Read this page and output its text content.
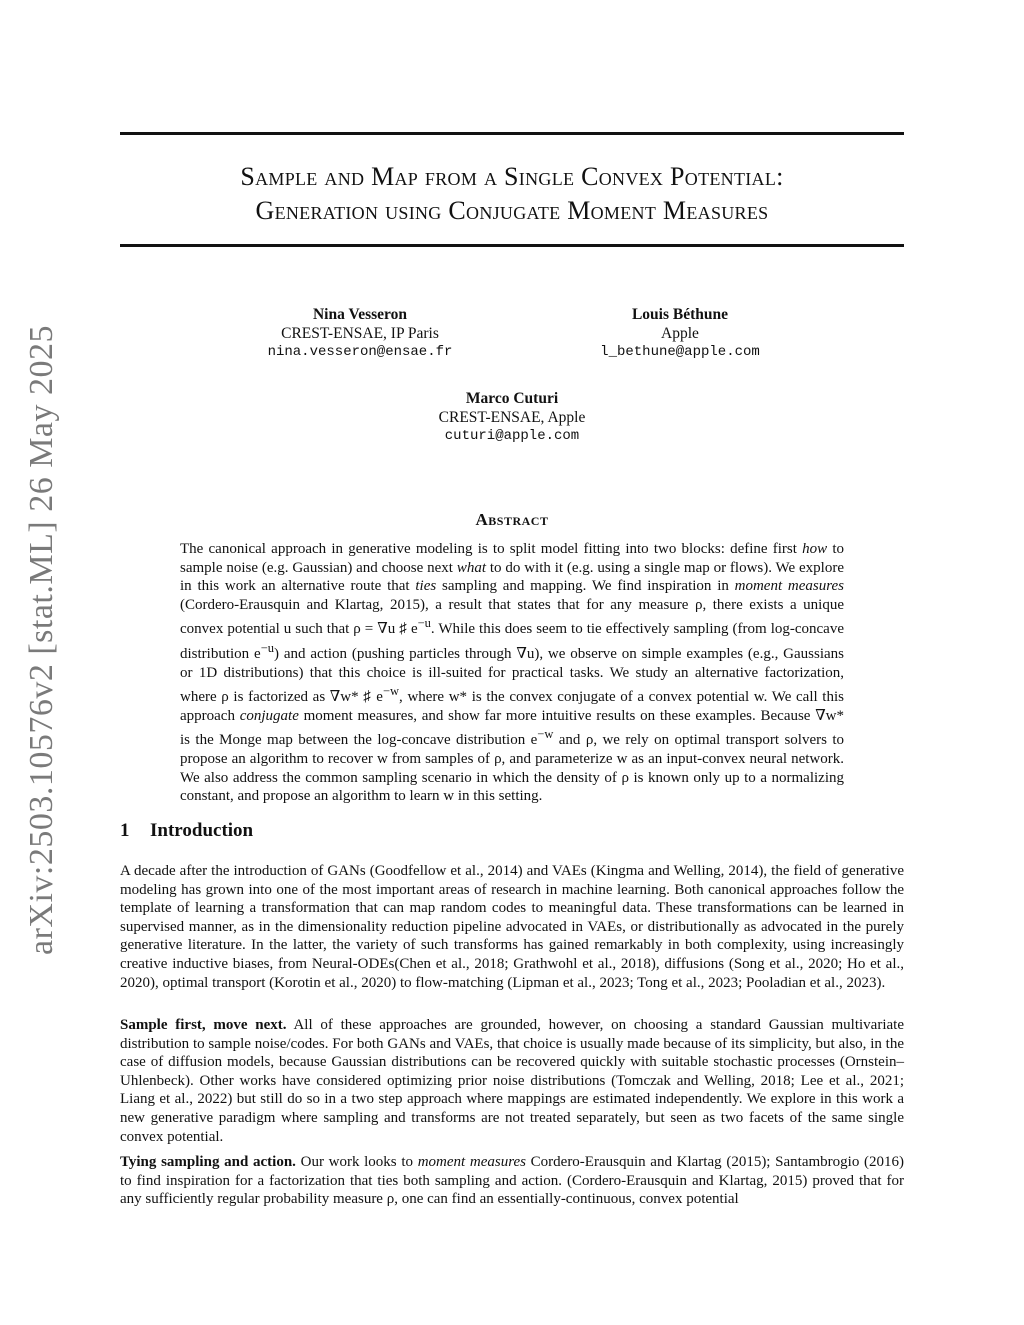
arXiv:2503.10576v2 [stat.ML] 26 May 2025
Sample and Map from a Single Convex Potential:
Generation using Conjugate Moment Measures
Nina Vesseron
CREST-ENSAE, IP Paris
nina.vesseron@ensae.fr
Louis Béthune
Apple
l_bethune@apple.com
Marco Cuturi
CREST-ENSAE, Apple
cuturi@apple.com
Abstract
The canonical approach in generative modeling is to split model fitting into two blocks: define first how to sample noise (e.g. Gaussian) and choose next what to do with it (e.g. using a single map or flows). We explore in this work an alternative route that ties sampling and mapping. We find inspiration in moment measures (Cordero-Erausquin and Klartag, 2015), a result that states that for any measure ρ, there exists a unique convex potential u such that ρ = ∇u ♯ $e^{-u}$. While this does seem to tie effectively sampling (from log-concave distribution $e^{-u}$) and action (pushing particles through ∇u), we observe on simple examples (e.g., Gaussians or 1D distributions) that this choice is ill-suited for practical tasks. We study an alternative factorization, where ρ is factorized as ∇w* ♯ $e^{-w}$, where w* is the convex conjugate of a convex potential w. We call this approach conjugate moment measures, and show far more intuitive results on these examples. Because ∇w* is the Monge map between the log-concave distribution $e^{-w}$ and ρ, we rely on optimal transport solvers to propose an algorithm to recover w from samples of ρ, and parameterize w as an input-convex neural network. We also address the common sampling scenario in which the density of ρ is known only up to a normalizing constant, and propose an algorithm to learn w in this setting.
1 Introduction
A decade after the introduction of GANs (Goodfellow et al., 2014) and VAEs (Kingma and Welling, 2014), the field of generative modeling has grown into one of the most important areas of research in machine learning. Both canonical approaches follow the template of learning a transformation that can map random codes to meaningful data. These transformations can be learned in supervised manner, as in the dimensionality reduction pipeline advocated in VAEs, or distributionally as advocated in the purely generative literature. In the latter, the variety of such transforms has gained remarkably in both complexity, using increasingly creative inductive biases, from Neural-ODEs(Chen et al., 2018; Grathwohl et al., 2018), diffusions (Song et al., 2020; Ho et al., 2020), optimal transport (Korotin et al., 2020) to flow-matching (Lipman et al., 2023; Tong et al., 2023; Pooladian et al., 2023).
Sample first, move next. All of these approaches are grounded, however, on choosing a standard Gaussian multivariate distribution to sample noise/codes. For both GANs and VAEs, that choice is usually made because of its simplicity, but also, in the case of diffusion models, because Gaussian distributions can be recovered quickly with suitable stochastic processes (Ornstein–Uhlenbeck). Other works have considered optimizing prior noise distributions (Tomczak and Welling, 2018; Lee et al., 2021; Liang et al., 2022) but still do so in a two step approach where mappings are estimated independently. We explore in this work a new generative paradigm where sampling and transforms are not treated separately, but seen as two facets of the same single convex potential.
Tying sampling and action. Our work looks to moment measures Cordero-Erausquin and Klartag (2015); Santambrogio (2016) to find inspiration for a factorization that ties both sampling and action. (Cordero-Erausquin and Klartag, 2015) proved that for any sufficiently regular probability measure ρ, one can find an essentially-continuous, convex potential
